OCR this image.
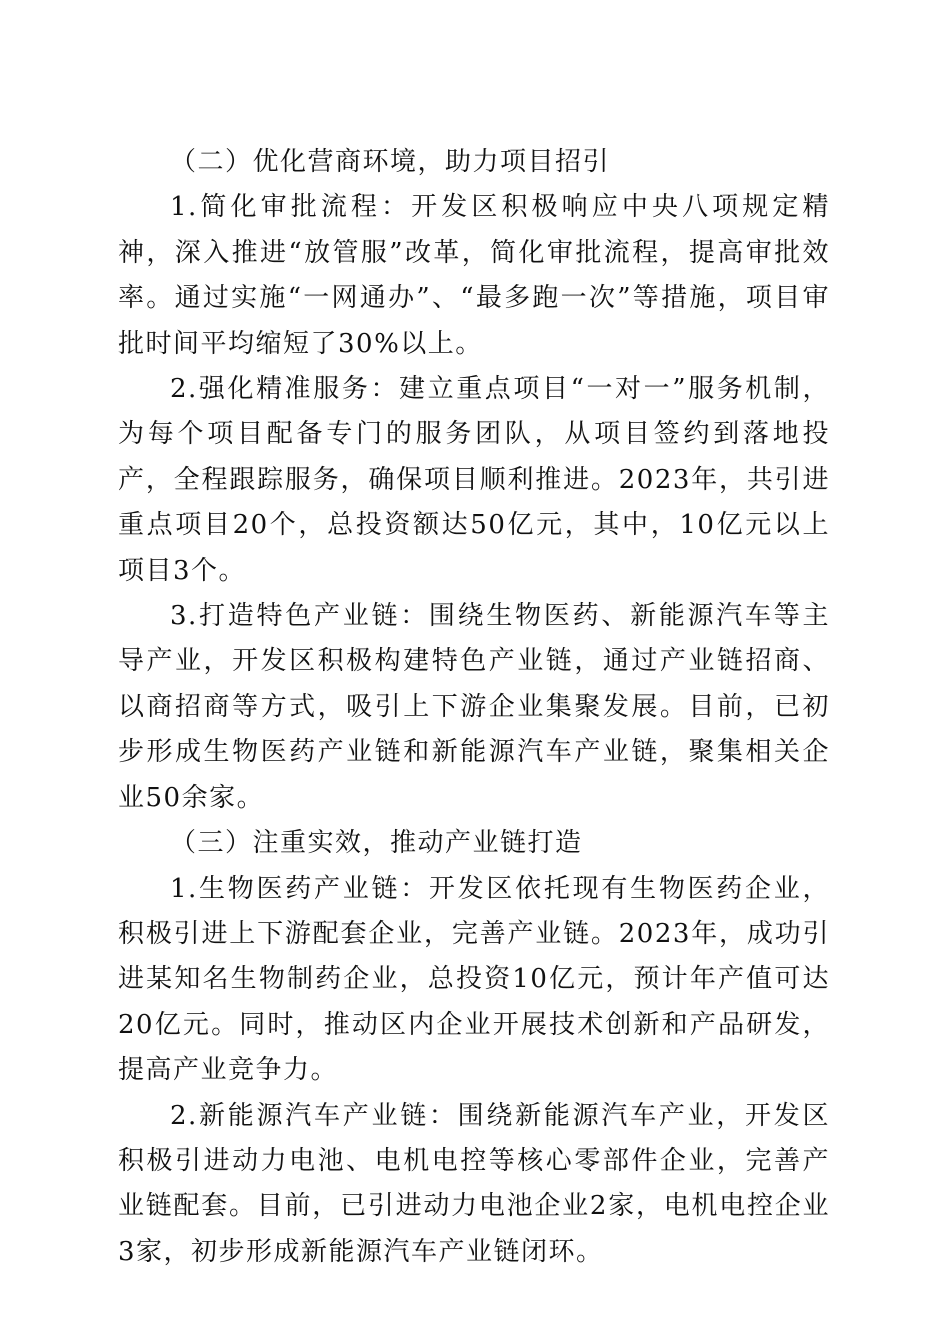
（二）优化营商环境，助力项目招引
1.简化审批流程：开发区积极响应中央八项规定精神，深入推进“放管服”改革，简化审批流程，提高审批效率。通过实施“一网通办”、“最多跑一次”等措施，项目审批时间平均缩短了30%以上。
2.强化精准服务：建立重点项目“一对一”服务机制，为每个项目配备专门的服务团队，从项目签约到落地投产，全程跟踪服务，确保项目顺利推进。2023年，共引进重点项目20个，总投资额达50亿元，其中，10亿元以上项目3个。
3.打造特色产业链：围绕生物医药、新能源汽车等主导产业，开发区积极构建特色产业链，通过产业链招商、以商招商等方式，吸引上下游企业集聚发展。目前，已初步形成生物医药产业链和新能源汽车产业链，聚集相关企业50余家。
（三）注重实效，推动产业链打造
1.生物医药产业链：开发区依托现有生物医药企业，积极引进上下游配套企业，完善产业链。2023年，成功引进某知名生物制药企业，总投资10亿元，预计年产值可达20亿元。同时，推动区内企业开展技术创新和产品研发，提高产业竞争力。
2.新能源汽车产业链：围绕新能源汽车产业，开发区积极引进动力电池、电机电控等核心零部件企业，完善产业链配套。目前，已引进动力电池企业2家，电机电控企业3家，初步形成新能源汽车产业链闭环。
